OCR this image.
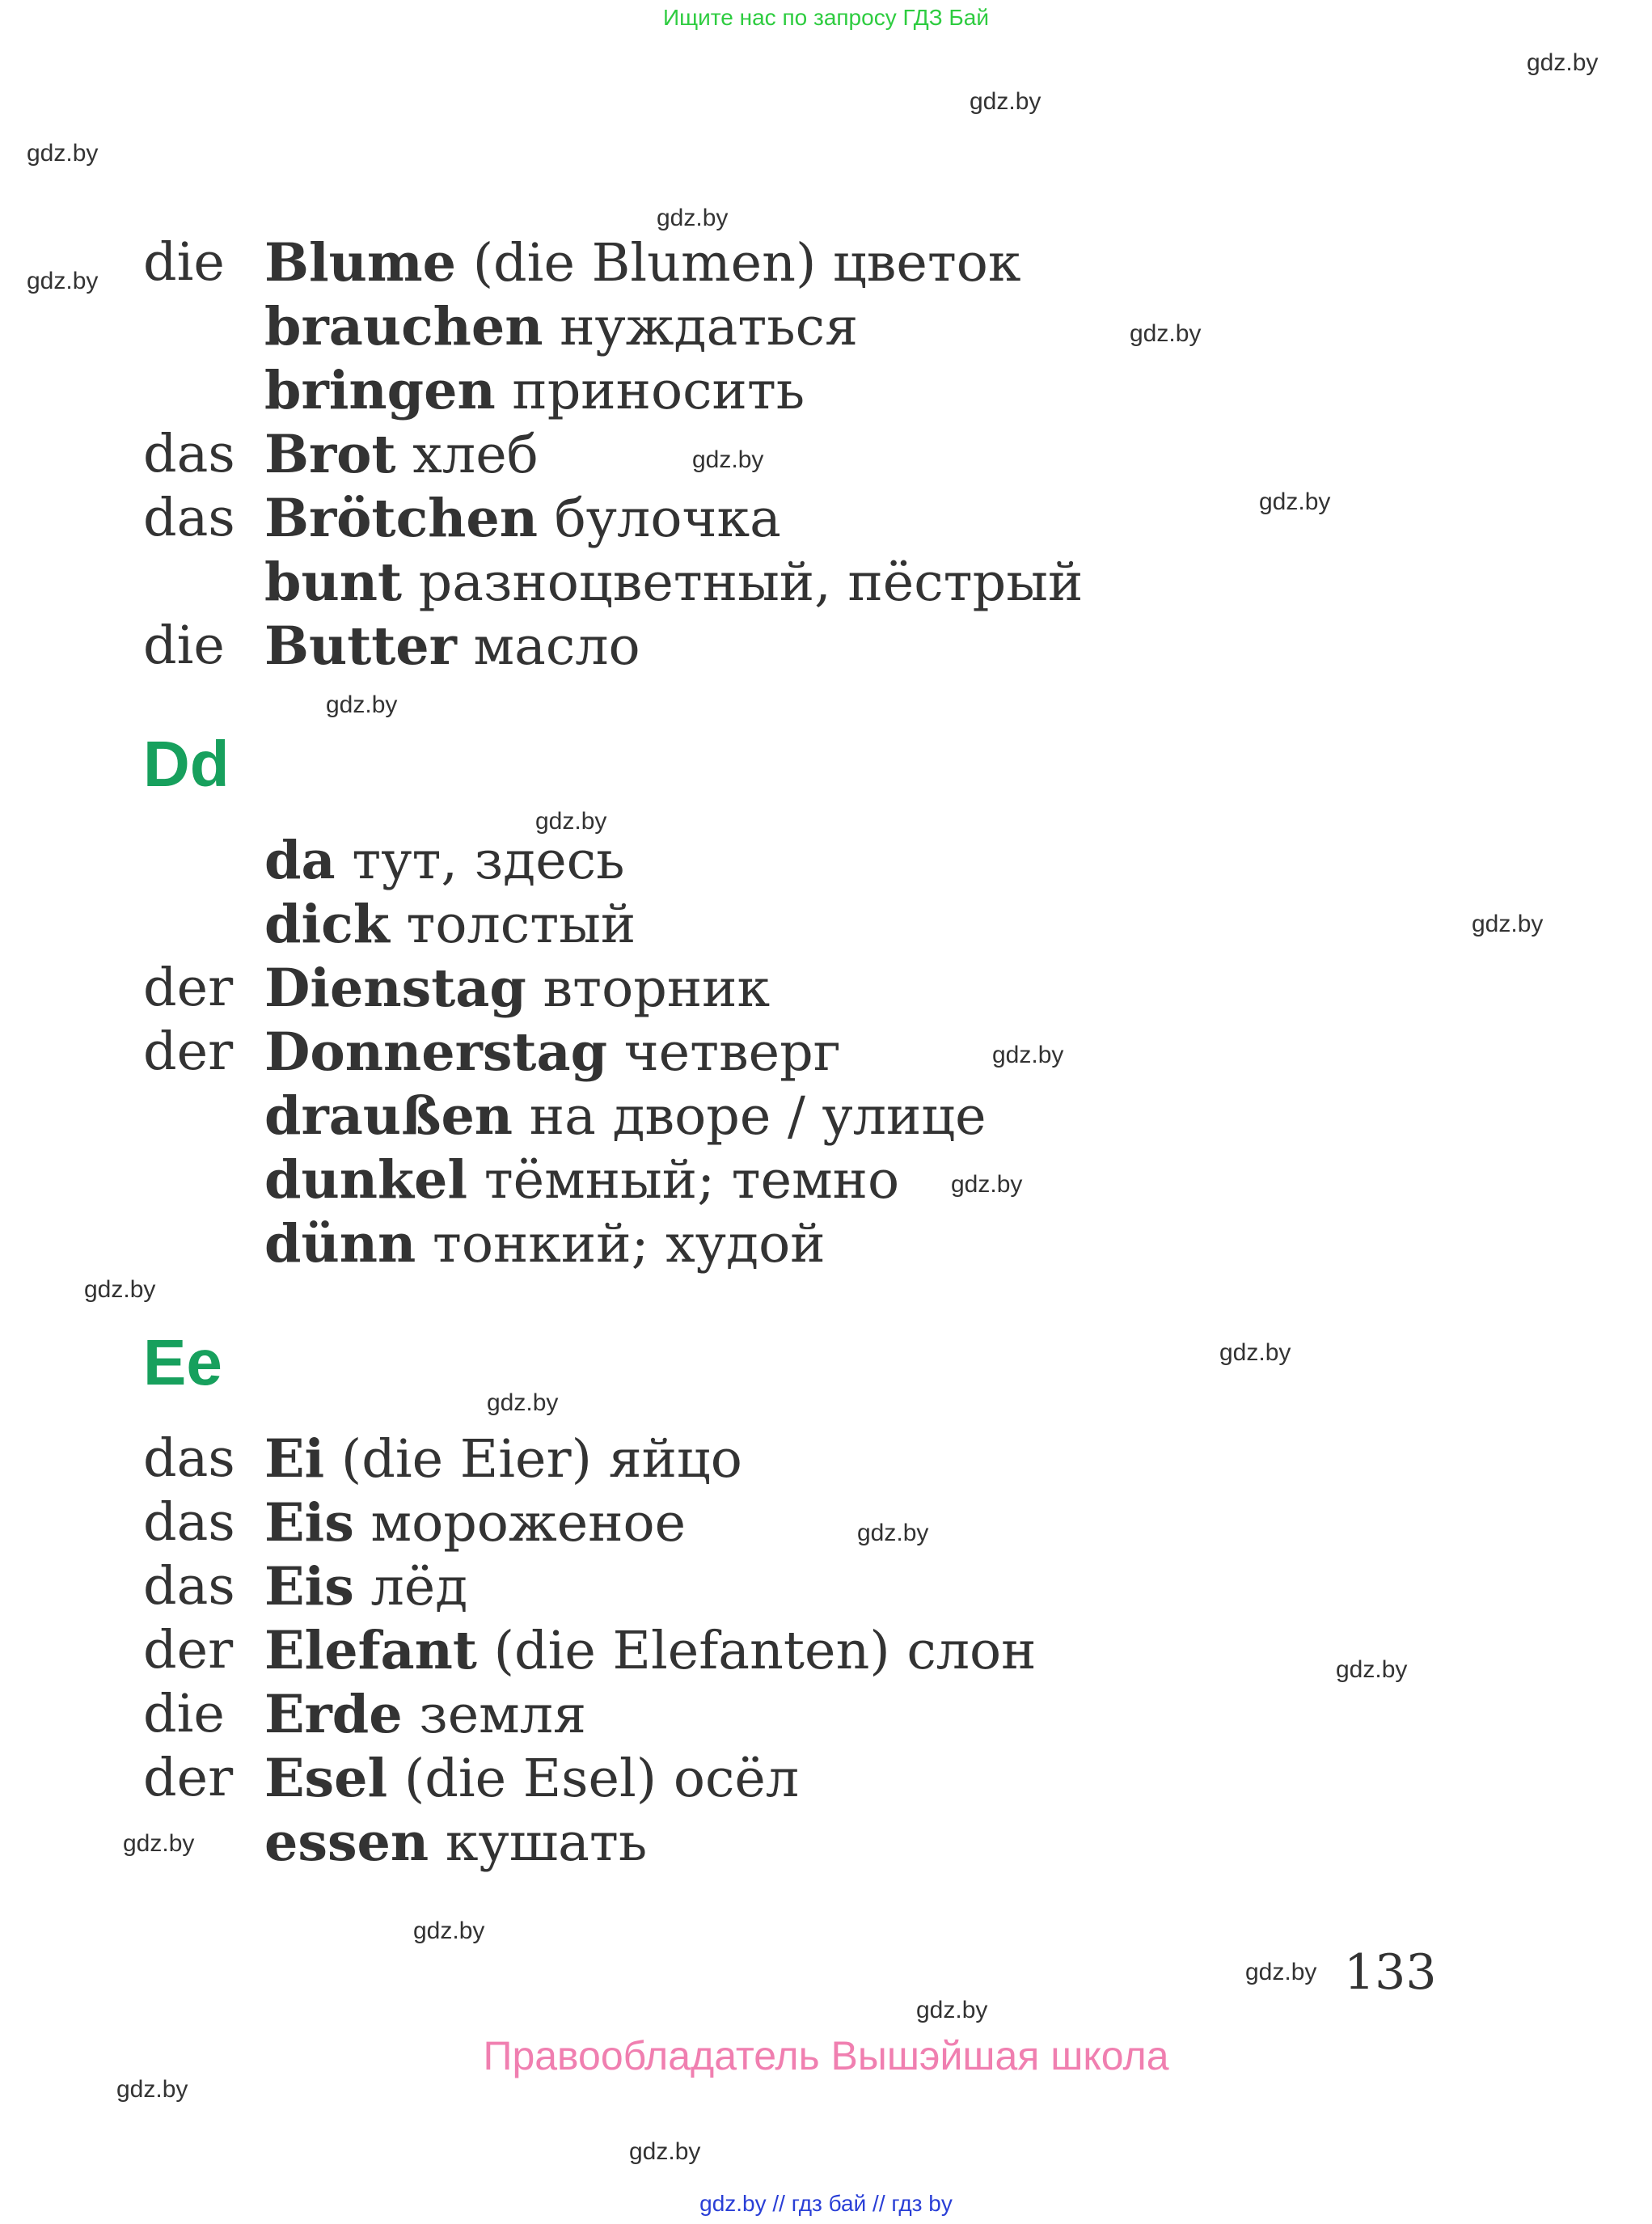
Ищите нас по запросу ГДЗ Бай
gdz.by
gdz.by
gdz.by
gdz.by
gdz.by
gdz.by
gdz.by
gdz.by
gdz.by
gdz.by
gdz.by
gdz.by
gdz.by
gdz.by
gdz.by
gdz.by
gdz.by
gdz.by
gdz.by
gdz.by
gdz.by
gdz.by
gdz.by
gdz.by
die Blume (die Blumen) цветок
brauchen нуждаться
bringen приносить
das Brot хлеб
das Brötchen булочка
bunt разноцветный, пёстрый
die Butter масло
Dd
da тут, здесь
dick толстый
der Dienstag вторник
der Donnerstag четверг
draußen на дворе / улице
dunkel тёмный; темно
dünn тонкий; худой
Ee
das Ei (die Eier) яйцо
das Eis мороженое
das Eis лёд
der Elefant (die Elefanten) слон
die Erde земля
der Esel (die Esel) осёл
essen кушать
133
Правообладатель Вышэйшая школа
gdz.by // гдз бай // гдз by
